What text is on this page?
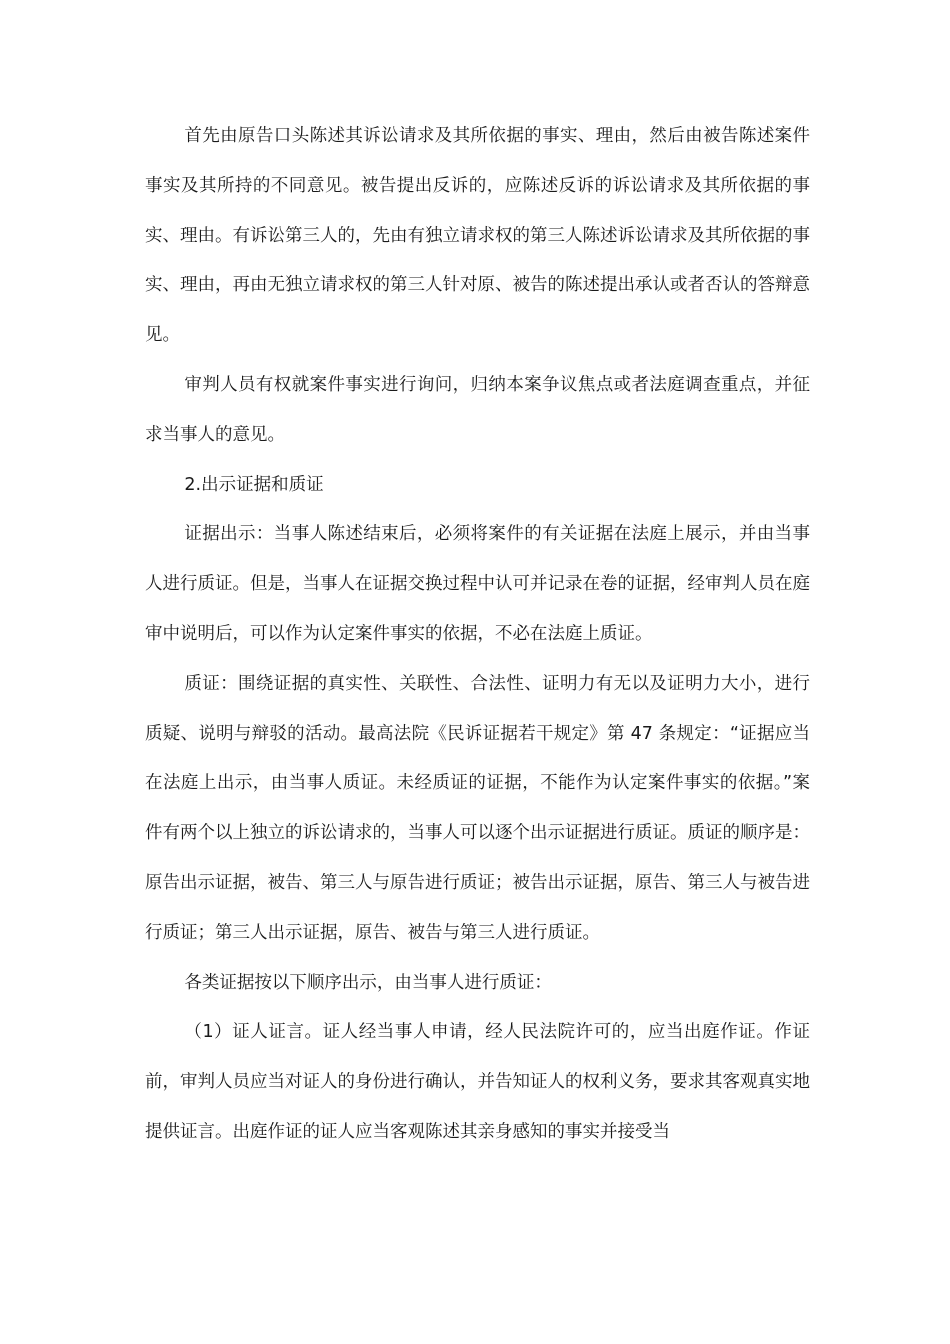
首先由原告口头陈述其诉讼请求及其所依据的事实、理由，然后由被告陈述案件事实及其所持的不同意见。被告提出反诉的，应陈述反诉的诉讼请求及其所依据的事实、理由。有诉讼第三人的，先由有独立请求权的第三人陈述诉讼请求及其所依据的事实、理由，再由无独立请求权的第三人针对原、被告的陈述提出承认或者否认的答辩意见。

审判人员有权就案件事实进行询问，归纳本案争议焦点或者法庭调查重点，并征求当事人的意见。

2.出示证据和质证

证据出示：当事人陈述结束后，必须将案件的有关证据在法庭上展示，并由当事人进行质证。但是，当事人在证据交换过程中认可并记录在卷的证据，经审判人员在庭审中说明后，可以作为认定案件事实的依据，不必在法庭上质证。

质证：围绕证据的真实性、关联性、合法性、证明力有无以及证明力大小，进行质疑、说明与辩驳的活动。最高法院《民诉证据若干规定》第 47 条规定：“证据应当在法庭上出示，由当事人质证。未经质证的证据，不能作为认定案件事实的依据。”案件有两个以上独立的诉讼请求的，当事人可以逐个出示证据进行质证。质证的顺序是：原告出示证据，被告、第三人与原告进行质证；被告出示证据，原告、第三人与被告进行质证；第三人出示证据，原告、被告与第三人进行质证。

各类证据按以下顺序出示，由当事人进行质证：

（1）证人证言。证人经当事人申请，经人民法院许可的，应当出庭作证。作证前，审判人员应当对证人的身份进行确认，并告知证人的权利义务，要求其客观真实地提供证言。出庭作证的证人应当客观陈述其亲身感知的事实并接受当
